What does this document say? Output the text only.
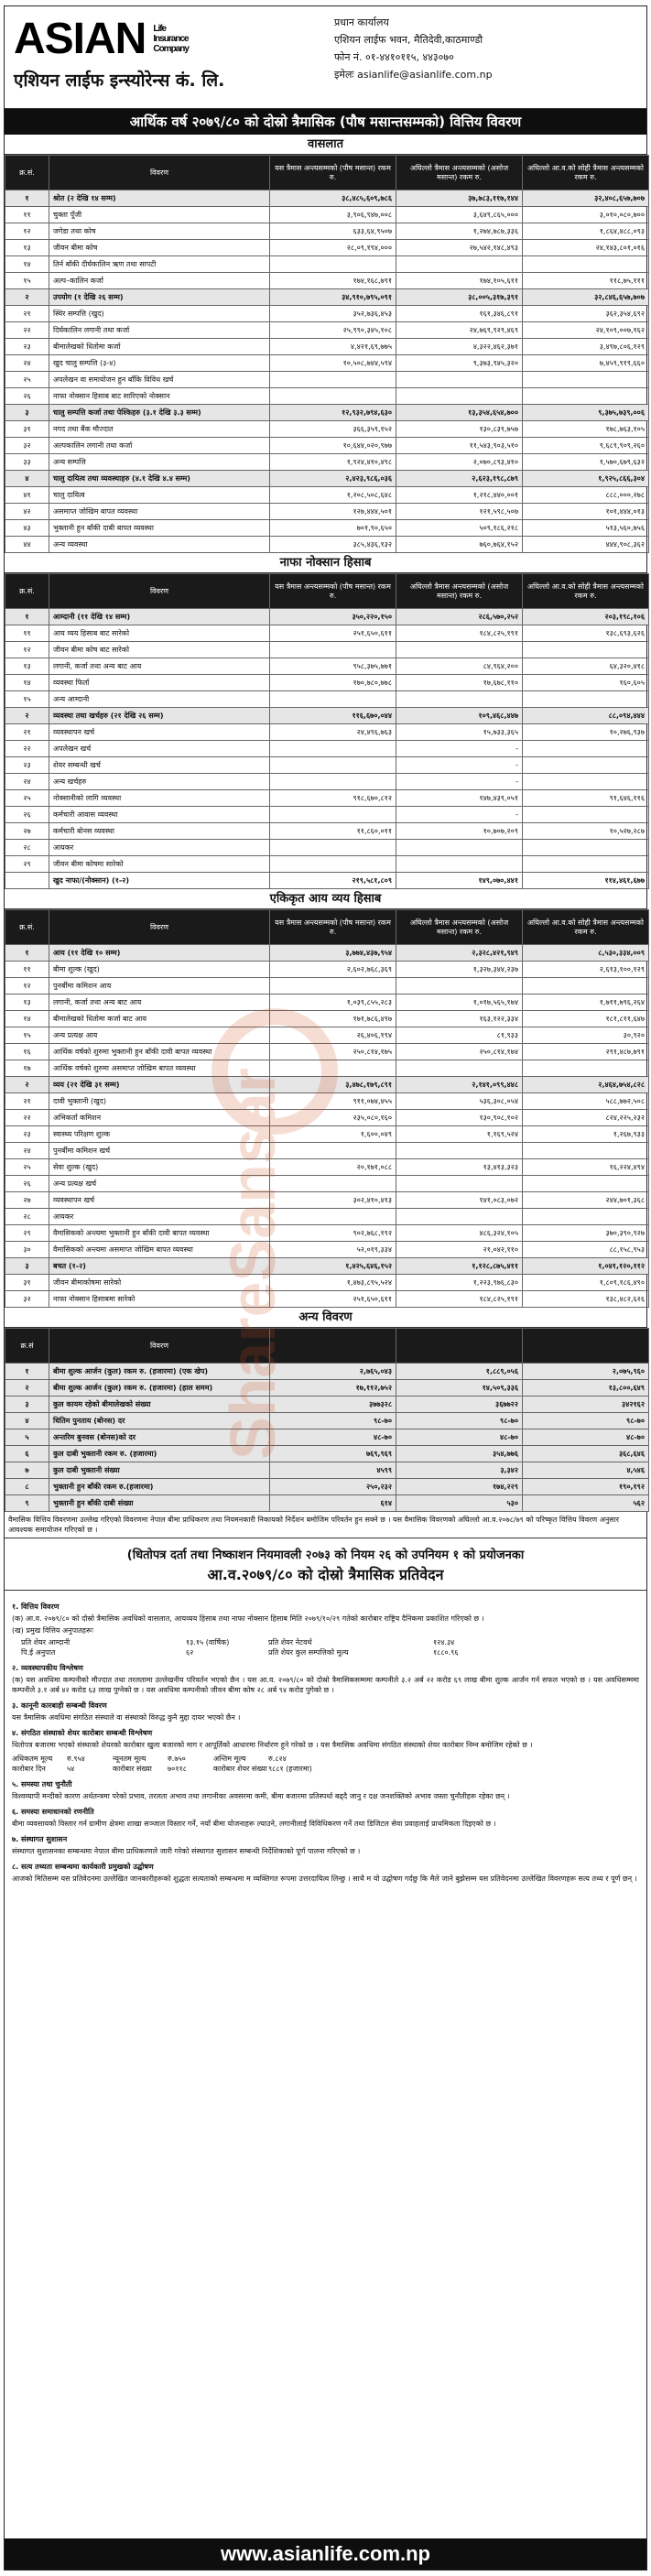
ASIAN Life
Insurance
Company
एशियन लाईफ इन्स्योरेन्स कं. लि.
प्रधान कार्यालय
एशियन लाईफ भवन, मैतिदेवी,काठमाण्डौ
फोन नं. ०१-४४१०११५, ४४३०७०
इमेलः asianlife@asianlife.com.np
आर्थिक वर्ष २०७९/८० को दोस्रो त्रैमासिक (पौष मसान्तसम्मको) वित्तिय विवरण
वासलात
क्र.सं.	विवरण	यस त्रैमास अन्त्यसम्मको (पौष मसान्त) रकम रु.	अघिल्लो त्रैमास अन्त्यसम्मको (असोज मसान्त) रकम रु.	अघिल्लो आ.व.को सोही त्रैमास अन्त्यसम्मको रकम रु.
१	श्रोत (२ देखि १४ सम्म)	३८,४८५,६०९,७८६	३७,७८३,११७,१४४	३२,४०८,६५७,७०७
११	चुक्ता पूँजी	३,९०६,९४७,००८	३,६४९,८६५,०००	३,०१०,०८०,७००
१२	जगेडा तथा कोष	६३३,६४,९५०७	१,२७४,७८७,३३६	१,८६४,४८८,०९३
१३	जीवन बीमा कोष	२८,०९,१९४,०००	२७,५४२,१४८,४९३	२४,१४३,८०१,०१६
१४	तिर्न बाँकी दीर्घकालिन ऋण तथा सापटी			
१५	अल्प–कालिन कर्जा	१७४,१६८,७९१	१७४,१०५,६११	११८,७५,१११
२	उपयोग (१ देखि २६ सम्म)	३४,९१०,७९५,०९१	३८,००५,३१७,३९१	३२,८४६,६५७,७०७
२१	स्थिर सम्पत्ति (खुद)	३५२,७३६,४५३	१६१,३४६,८९१	३६२,३५४,६९२
२२	दिर्घकालिन लगानी तथा कर्जा	२५,९९०,३४५,१०८	२४,७६९,९२९,४६९	२४,१०९,००७,१६२
२३	बीमालेखको धितोमा कर्जा	४,४२१,६९,७७५	४,३२२,४६२,३७१	३,४९७,८०६,१२९
२४	खुद चालु सम्पत्ति (३-४)	१०,५०८,७४४,५९४	९,३७३,९४५,३२०	७,४५९,९१९,६६०
२५	अपलेखन वा समायोजन हुन बाँकि विविध खर्च			
२६	नाफा नोक्सान हिसाब बाट सारिएको नोक्सान			
३	चालु सम्पत्ति कर्जा तथा पेश्किहरु (३.१ देखि ३.३ सम्म)	१२,९३२,७९४,६३०	१३,३५४,६५४,७००	९,३७५,७३९,००६
३१	नगद तथा बैंक मौज्दात	३६६,३५९,१५२	१३०,८३९,७५७	१७८,७६३,१०५
३२	अल्पकालिन लगानी तथा कर्जा	१०,६४४,०२०,९७७	११,५४३,९०३,५१०	९,६८९,९०९,२६०
३३	अन्य सम्पत्ति	१,९२४,४१०,४९८	२,०७०,८९३,४१०	१,५७०,६७९,६३२
४	चालु दायित्व तथा व्यवस्थाहरु (४.१ देखि ४.४ सम्म)	२,४२३,९८६,०३६	२,६२३,१९८,८७९	१,९२५,८६६,३०४
४१	चालु दायित्व	१,२०८,५०८,६४८	१,२१८,४४०,००१	८८८,०००,२७८
४२	असमाप्त जोखिम बापत व्यवस्था	१२७,४४४,५०१	१२१,५९८,५०७	१०१,४४४,०१३
४३	भुक्तानी हुन बाँकी दाबी बापत व्यवस्था	७०१,९०,६५०	५०९,१८६,२१८	५१३,५६०,७५६
४४	अन्य व्यवस्था	३८५,४३६,१३२	७६०,७६४,१५२	४४४,९०८,३६२
नाफा नोक्सान हिसाब
क्र.सं.	विवरण	यस त्रैमास अन्त्यसम्मको (पौष मसान्त) रकम रु.	अघिल्लो त्रैमास अन्त्यसम्मको (असोज मसान्त) रकम रु.	अघिल्लो आ.व.को सोही त्रैमास अन्त्यसम्मको रकम रु.
१	आम्दानी (११ देखि १४ सम्म)	३५०,२२०,१५०	२८६,५७०,२५२	२०३,१९८,१०६
११	आय व्यय हिसाब बाट सारेको	२५१,६५०,६११	१८४,८२५,१९१	१३८,६९३,६२६
१२	जीवन बीमा कोष बाट सारेको			
१३	लगानी, कर्जा तथा अन्य बाट आय	९५८,३७५,७७१	८४,९६४,२००	६४,३२०,४१८
१४	व्यवस्था फिर्ता	१७०,७८०,७७८	१७,६७८,११०	१६०,६०५
१५	अन्य आम्दानी			
२	व्यवस्था तथा खर्चहरु (२१ देखि २६ सम्म)	११६,६७०,०४४	१०९,४६८,४४७	८८,०९४,४४४
२१	व्यवस्थापन खर्च	२४,४९६,७६३	१५,७३३,३६५	१०,२७६,९३७
२२	अपलेखन खर्च		-	
२३	शेयर सम्बन्धी खर्च		-	
२४	अन्य खर्चहरु		-	
२५	नोक्सानीको लागि व्यवस्था	९१८,६७०,८१२	१४७,४३९,०५१	९१,६४६,११६
२६	कर्मचारी आवास व्यवस्था		-	
२७	कर्मचारी बोनस व्यवस्था	११,८६०,०११	१०,७०७,२०९	१०,५२७,२८७
२८	आयकर			
२९	जीवन बीमा कोषमा सारेको			
	खुद नाफा/(नोक्सान) (१-२)	२१९,५८१,८०९	१४९,०७०,४४१	११४,४६१,६७७
एकिकृत आय व्यय हिसाब
क्र.सं.	विवरण	यस त्रैमास अन्त्यसम्मको (पौष मसान्त) रकम रु.	अघिल्लो त्रैमास अन्त्यसम्मको (असोज मसान्त) रकम रु.	अघिल्लो आ.व.को सोही त्रैमास अन्त्यसम्मको रकम रु.
१	आय (११ देखि १० सम्म)	३,७७४,४३७,९५४	२,३२८,४२१,९४९	८,५३०,३३४,००९
११	बीमा शुल्क (खुद)	२,६०२,७६८,३६९	१,३२७,३४४,२३७	२,६१३,१००,१२९
१२	पुनर्बीमा कमिशन आय			
१३	लगानी, कर्जा तथा अन्य बाट आय	१,०३९,८५५,२८३	१,०१७,५६५,१७४	१,७११,७९६,२६४
१४	बीमालेखको धितोमा कर्जा बाट आय	१७१,७८६,४९७	१६३,१२२,३३४	१८१,८११,६४७
१५	अन्य प्रत्यक्ष आय	२६,४०६,१९४	८१,९३३	३०,९२०
१६	आर्थिक वर्षको शुरुमा भुक्तानी हुन बाँकी दावी बापत व्यवस्था	२५०,८१४,१७५	२५०,८१४,१७४	२९१,४८७,७९१
१७	आर्थिक वर्षको शुरुमा असमाप्त जोखिम बापत व्यवस्था			
२	व्यय (२१ देखि ३१ सम्म)	३,४७८,१७९,८९१	२,१४१,०९९,४४८	२,४६४,७५४,८२८
२१	दावी भुक्तानी (खुद)	९११,०७४,४५५	५३६,३०८,०५४	५८८,७७२,५०८
२२	अभिकर्ता कमिशन	२३५,०८०,१६०	१३०,९०८,१०२	८२४,२२५,२३२
२३	स्वास्थ्य परिक्षण शुल्क	१,६००,०४९	१,१६९,५२४	१,२६७,९३३
२४	पुनर्बीमा कमिशन खर्च			
२५	सेवा शुल्क (खुद)	२०,१७१,०८८	१३,४१३,३२३	१६,२२४,४९४
२६	अन्य प्रत्यक्ष खर्च			
२७	व्यवस्थापन खर्च	३०२,४१०,४१३	१४१,०८३,०७२	२४४,७०१,३६८
२८	आयकर			
२९	वैमासिकको अन्त्यमा भुक्तानी हुन बाँकी दावी बापत व्यवस्था	९०२,७६८,१९२	४८६,३२४,१०५	३७०,३९०,९२७
३०	वैमासिकको अन्त्यमा असमाप्त जोखिम बापत व्यवस्था	५२,०१९,३३४	२१,०४२,११०	८८,१५८,९५३
३	बचत (१-२)	१,४२५,६४६,१५२	१,१२८,८७५,४११	१,०४१,१२०,११२
३१	जीवन बीमाकोषमा सारेको	१,४७३,८९५,५२४	१,२२३,९७६,८३०	१,८०९,१८६,४९०
३२	नाफा नोक्सान हिसाबमा सारेको	२५१,६५०,६११	१८४,८२५,१९१	१३८,४८२,६२६
अन्य विवरण
क्र.सं	विवरण			
१	बीमा शुल्क आर्जन (कुल) रकम रु. (हजारमा) (एक खेप)	२,७६५,०४३	१,८८९,०५६	२,०७५,९६०
२	बीमा शुल्क आर्जन (कुल) रकम रु. (हजारमा) (हाल समम)	१७,११२,७५२	१४,५०९,३३६	१३,८००,६४९
३	कुल कायम रहेको बीमालेखको संख्या	३७७३२८	३६७७२२	३४२१६२
४	धितिम पुनताय (बोनस) दर	९८-७०	९८-७०	९८-७०
५	अन्तरिम बुनवस (बोनस)को दर	४८-७०	४८-७०	४८-७०
६	कुल दाबी भुक्तानी रकम रु. (हजारमा)	७६९,९६९	३५४,७७६	३६८,६४६
७	कुल दाबी भुक्तानी संख्या	४५९९	३,३४२	४,५४६
८	भुक्तानी हुन बाँकी रकम रु.(हजारमा)	२५०,२३२	१७४,२२९	१९०,१९२
९	भुक्तानी हुन बाँकी दाबी संख्या	६१४	५३०	५६२
वैमासिक वित्तिय विवरणमा उल्लेख गरिएको विवरणमा नेपाल बीमा प्राधिकरण तथा नियमनकारी निकायको निर्देशन बमोजिम परिवर्तन हुन सक्ने छ । यस वैमासिक विवरणको अघिल्लो आ.व.२०७८/७९ को परिष्कृत वित्तिय विवरण अनुसार आवश्यक समायोजन गरिएको छ ।
(धितोपत्र दर्ता तथा निष्काशन नियमावली २०७३ को नियम २६ को उपनियम १ को प्रयोजनका
आ.व.२०७९/८० को दोस्रो त्रैमासिक प्रतिवेदन
१. वित्तिय विवरण

(क) आ.व. २०७९/८० को दोस्रो त्रैमासिक अवधिको वासलात, आयव्यय हिसाब तथा नाफा नोक्सान हिसाब मिति २०७९/१०/२९ गतेको कारोबार राष्ट्रिय दैनिकमा प्रकाशित गरिएको छ ।

(ख) प्रमुख वित्तिय अनुपातहरूः

प्रति शेयर आम्दानी	१३.१५ (वार्षिक)	प्रति शेयर नेटवर्थ	१२४.३४
पि.ई अनुपात	६२	प्रति शेयर कुल सम्पत्तिको मूल्य	१८८०.९६
२. व्यवस्थापकीय विश्लेषण

(क) यस अवधिमा कम्पनीको मौज्दात तथा तरलतामा उल्लेखनीय परिवर्तन भएको छैन । यस आ.व. २०७९/८० को दोस्रो त्रैमासिकसम्ममा कम्पनीले ३.२ अर्ब २२ करोड ६९ लाख बीमा शुल्क आर्जन गर्न सफल भएको छ । यस अवधिसम्ममा कम्पनीले ३.१ अर्ब ४२ करोड ६३ लाख पुग्नेको छ । यस अवधिमा कम्पनीको जीवन बीमा कोष २८ अर्ब ९४ करोड पुगेको छ ।

३. कानूनी कारबाही सम्बन्धी विवरण

यस त्रैमासिक अवधिमा संगठित संस्थाले वा संस्थाको विरुद्ध कुनै मुद्दा दायर भएको छैन ।

४. संगठित संस्थाको शेयर कारोबार सम्बन्धी विश्लेषण

धितोपत्र बजारमा भएको संस्थाको शेयरको कारोबार खुला बजारको माग र आपूर्तिको आधारमा निर्धारण हुने गरेको छ । यस त्रैमासिक अवधिमा संगठित संस्थाको शेयर कारोबार निम्न बमोजिम रहेको छ ।

अधिकतम मूल्य	रु.९५४	न्यूनतम मूल्य	रु.७५०	अन्तिम मूल्य	रु.८२४
कारोबार दिन	५४	कारोबार संख्या	७०११८	कारोबार शेयर संख्या ९८८१ (हजारमा)
५. समस्या तथा चुनौती

विश्वव्यापी मन्दीको कारण अर्थतन्त्रमा परेको प्रभाव, तरलता अभाव तथा लगानीका अवसरमा कमी, बीमा बजारमा प्रतिस्पर्धा बढ्दै जानु र दक्ष जनशक्तिको अभाव जस्ता चुनौतीहरू रहेका छन् ।

६. समस्या समाधानको रणनीति

बीमा व्यवसायको विस्तार गर्न ग्रामीण क्षेत्रमा शाखा सञ्जाल विस्तार गर्ने, नयाँ बीमा योजनाहरू ल्याउने, लगानीलाई विविधिकरण गर्ने तथा डिजिटल सेवा प्रवाहलाई प्राथमिकता दिइएको छ ।

७. संस्थागत सुशासन

संस्थागत सुशासनका सम्बन्धमा नेपाल बीमा प्राधिकरणले जारी गरेको संस्थागत सुशासन सम्बन्धी निर्देशिकाको पूर्ण पालना गरिएको छ ।

८. सत्य तथ्यता सम्बन्धमा कार्यकारी प्रमुखको उद्घोषण

आजको मितिसम्म यस प्रतिवेदनमा उल्लेखित जानकारीहरूको शुद्धता सत्यताको सम्बन्धमा म व्यक्तिगत रूपमा उत्तरदायित्व लिन्छु । साथै म यो उद्घोषण गर्दछु कि मैले जाने बुझेसम्म यस प्रतिवेदनमा उल्लेखित विवरणहरू सत्य तथ्य र पूर्ण छन् ।

www.asianlife.com.np
